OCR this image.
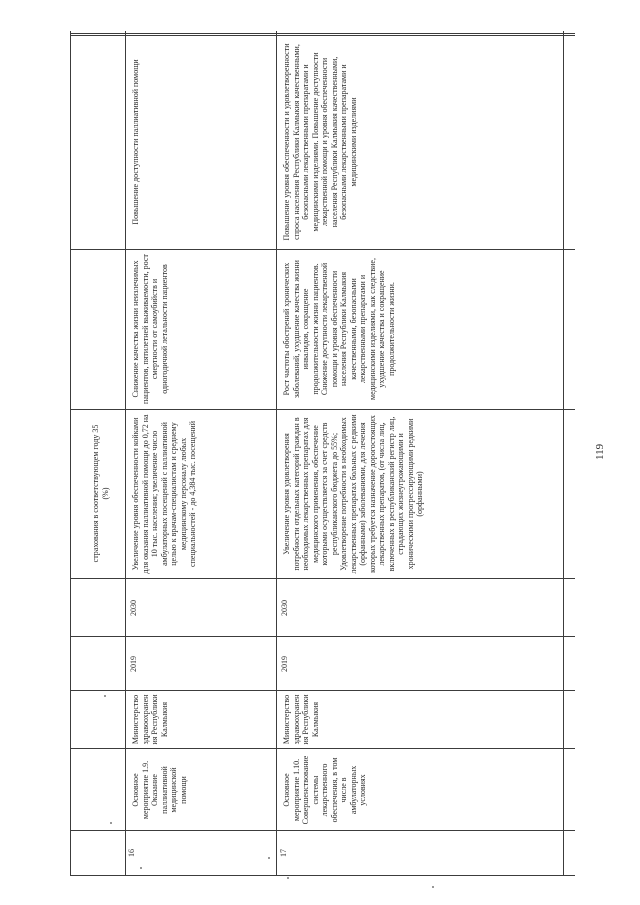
страхования в соответствующем году 35 (%)
16
Основное мероприятие 1.9. Оказание паллиативной медицинской помощи
Министерство здравоохранения Республики Калмыкия
2019
2030
Увеличение уровня обеспеченности койками для оказания паллиативной помощи до 0,72 на 10 тыс. населения; увеличение число амбулаторных посещений с паллиативной целью к врачам-специалистам и среднему медицинскому персоналу любых специальностей - до 4,384 тыс. посещений
Снижение качества жизни неизлечимых пациентов, пятилетней выживаемости, рост смертности от самоубийств и одногодичной летальности пациентов
Повышение доступности паллиативной помощи
17
Основное мероприятие 1.10. Совершенствование системы лекарственного обеспечения, в том числе в амбулаторных условиях
Министерство здравоохранения Республики Калмыкия
2019
2030
Увеличение уровня удовлетворения потребности отдельных категорий граждан в необходимых лекарственных препаратах для медицинского применения, обеспечение которыми осуществляется за счет средств республиканского бюджета до 55%; Удовлетворение потребности в необходимых лекарственных препаратах больных с редкими (орфанными) заболеваниями, для лечения которых требуется назначение дорогостоящих лекарственных препаратов, (от числа лиц, включенных в республиканский регистр лиц, страдающих жизнеугрожающими и хроническими прогрессирующими редкими (орфанными)
Рост частоты обострений хронических заболеваний, ухудшение качества жизни инвалидов, сокращение продолжительности жизни пациентов. Снижение доступности лекарственной помощи и уровня обеспеченности населения Республики Калмыкия качественными, безопасными лекарственными препаратами и медицинскими изделиями, как следствие, ухудшение качества и сокращение продолжительности жизни.
Повышение уровня обеспеченности и удовлетворенности спроса населения Республики Калмыкия качественными, безопасными лекарственными препаратами и медицинскими изделиями. Повышение доступности лекарственной помощи и уровня обеспеченности населения Республики Калмыкия качественными, безопасными лекарственными препаратами и медицинскими изделиями
119
